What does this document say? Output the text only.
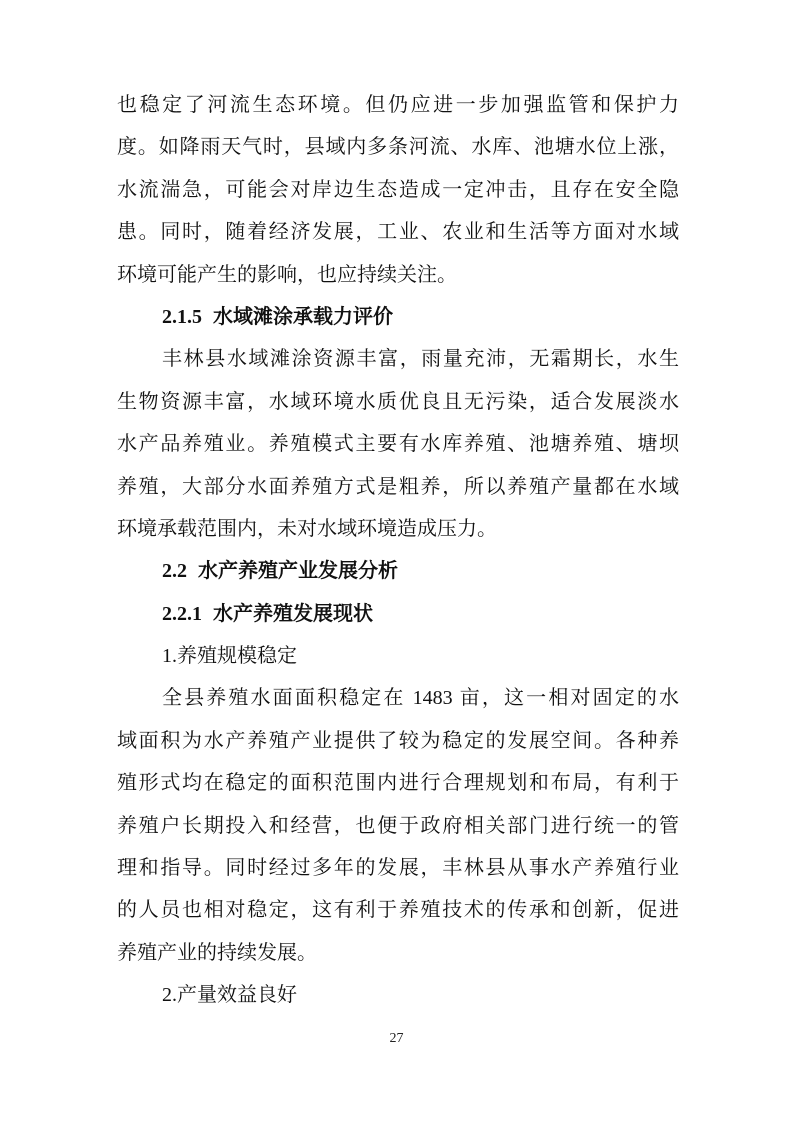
也稳定了河流生态环境。但仍应进一步加强监管和保护力
度。如降雨天气时，县域内多条河流、水库、池塘水位上涨，
水流湍急，可能会对岸边生态造成一定冲击，且存在安全隐
患。同时，随着经济发展，工业、农业和生活等方面对水域
环境可能产生的影响，也应持续关注。
2.1.5 水域滩涂承载力评价
丰林县水域滩涂资源丰富，雨量充沛，无霜期长，水生
生物资源丰富，水域环境水质优良且无污染，适合发展淡水
水产品养殖业。养殖模式主要有水库养殖、池塘养殖、塘坝
养殖，大部分水面养殖方式是粗养，所以养殖产量都在水域
环境承载范围内，未对水域环境造成压力。
2.2 水产养殖产业发展分析
2.2.1 水产养殖发展现状
1.养殖规模稳定
全县养殖水面面积稳定在 1483 亩，这一相对固定的水
域面积为水产养殖产业提供了较为稳定的发展空间。各种养
殖形式均在稳定的面积范围内进行合理规划和布局，有利于
养殖户长期投入和经营，也便于政府相关部门进行统一的管
理和指导。同时经过多年的发展，丰林县从事水产养殖行业
的人员也相对稳定，这有利于养殖技术的传承和创新，促进
养殖产业的持续发展。
2.产量效益良好
27
